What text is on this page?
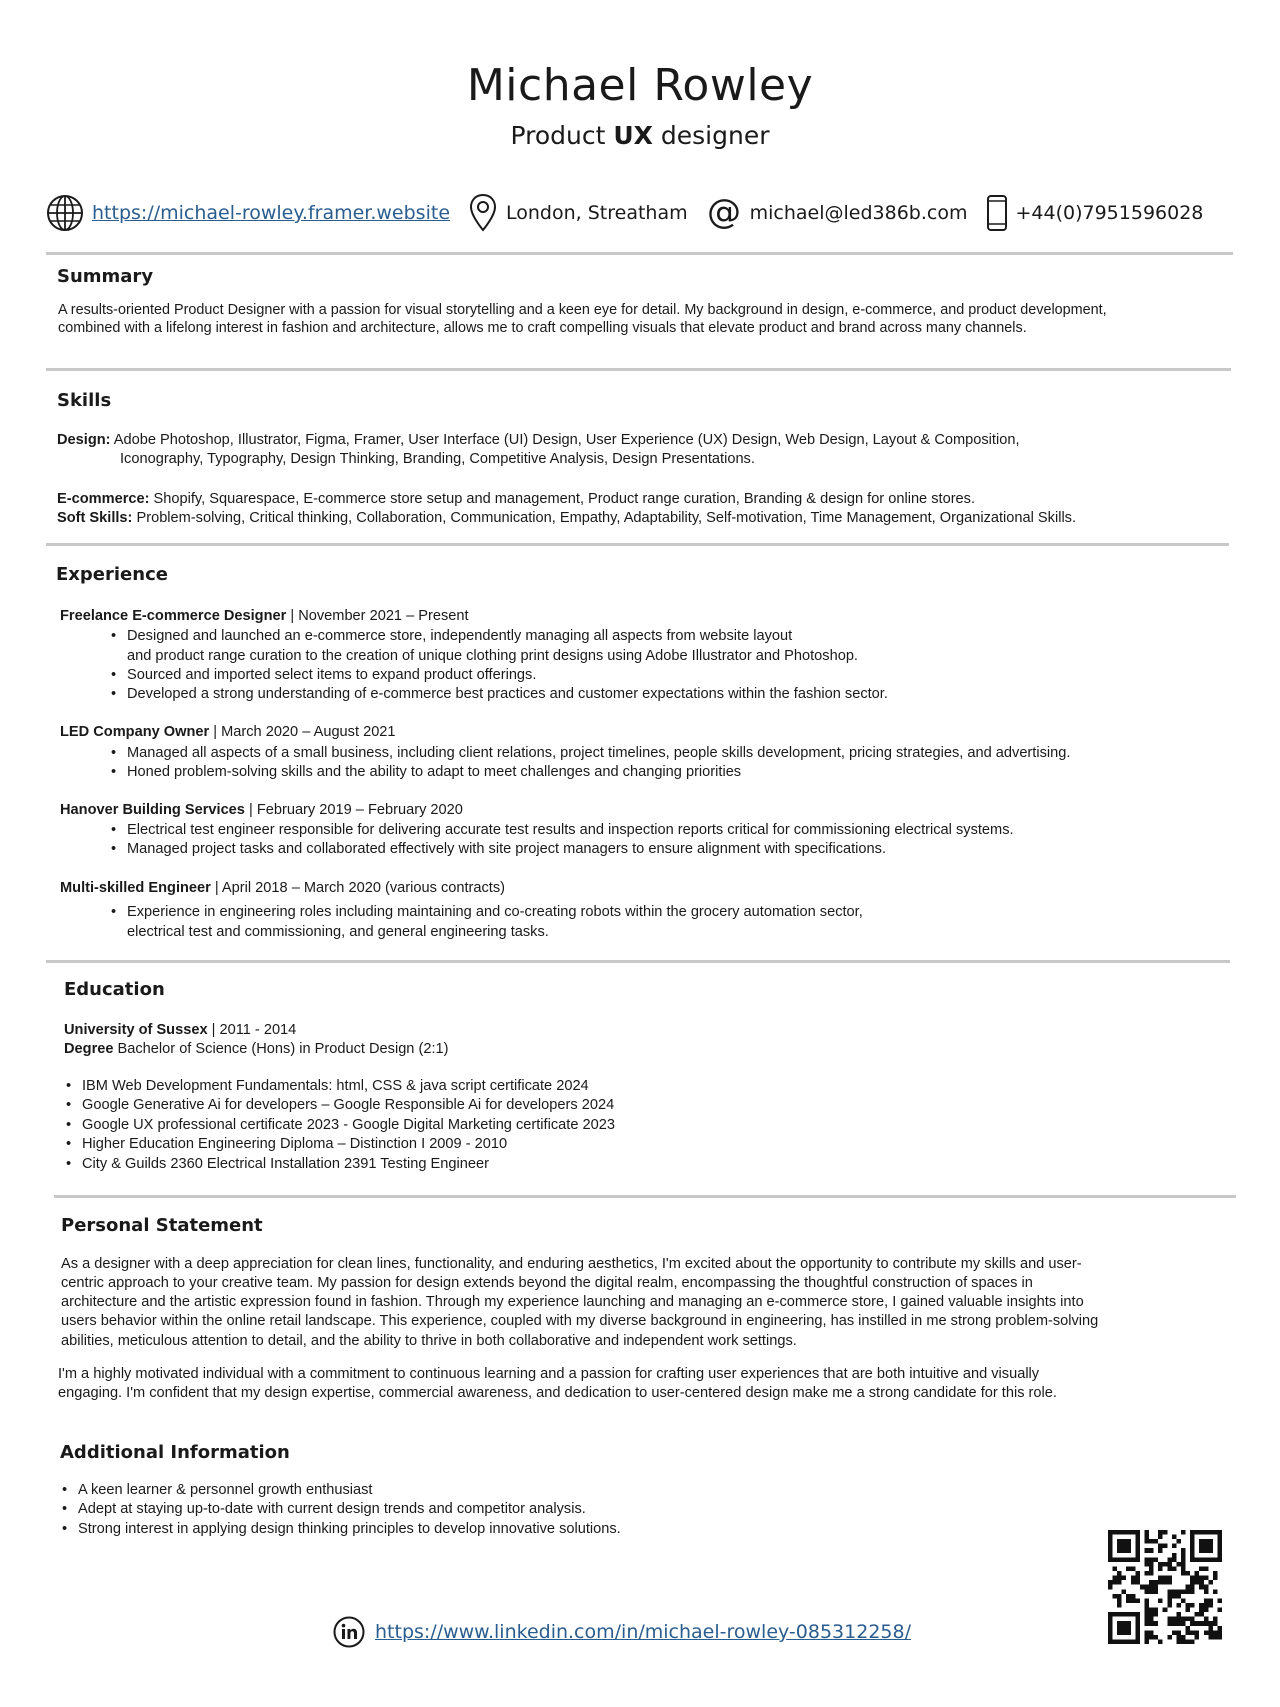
Michael Rowley
Product UX designer
https://michael-rowley.framer.website	London, Streatham @ michael@led386b.com	+44(0)7951596028
Summary
A results-oriented Product Designer with a passion for visual storytelling and a keen eye for detail. My background in design, e-commerce, and product development,
combined with a lifelong interest in fashion and architecture, allows me to craft compelling visuals that elevate product and brand across many channels.
Skills
Design: Adobe Photoshop, Illustrator, Figma, Framer, User Interface (UI) Design, User Experience (UX) Design, Web Design, Layout & Composition,
Iconography, Typography, Design Thinking, Branding, Competitive Analysis, Design Presentations.
E-commerce: Shopify, Squarespace, E-commerce store setup and management, Product range curation, Branding & design for online stores.
Soft Skills: Problem-solving, Critical thinking, Collaboration, Communication, Empathy, Adaptability, Self-motivation, Time Management, Organizational Skills.
Experience
Freelance E-commerce Designer | November 2021 – Present
• Designed and launched an e-commerce store, independently managing all aspects from website layout
and product range curation to the creation of unique clothing print designs using Adobe Illustrator and Photoshop.
• Sourced and imported select items to expand product offerings.
• Developed a strong understanding of e-commerce best practices and customer expectations within the fashion sector.
LED Company Owner | March 2020 – August 2021
• Managed all aspects of a small business, including client relations, project timelines, people skills development, pricing strategies, and advertising.
• Honed problem-solving skills and the ability to adapt to meet challenges and changing priorities
Hanover Building Services | February 2019 – February 2020
• Electrical test engineer responsible for delivering accurate test results and inspection reports critical for commissioning electrical systems.
• Managed project tasks and collaborated effectively with site project managers to ensure alignment with specifications.
Multi-skilled Engineer | April 2018 – March 2020 (various contracts)
• Experience in engineering roles including maintaining and co-creating robots within the grocery automation sector,
electrical test and commissioning, and general engineering tasks.
Education
University of Sussex | 2011 - 2014
Degree Bachelor of Science (Hons) in Product Design (2:1)
• IBM Web Development Fundamentals: html, CSS & java script certificate 2024
• Google Generative Ai for developers – Google Responsible Ai for developers 2024
• Google UX professional certificate 2023 - Google Digital Marketing certificate 2023
• Higher Education Engineering Diploma – Distinction I 2009 - 2010
• City & Guilds 2360 Electrical Installation 2391 Testing Engineer
Personal Statement
As a designer with a deep appreciation for clean lines, functionality, and enduring aesthetics, I'm excited about the opportunity to contribute my skills and user-
centric approach to your creative team. My passion for design extends beyond the digital realm, encompassing the thoughtful construction of spaces in
architecture and the artistic expression found in fashion. Through my experience launching and managing an e-commerce store, I gained valuable insights into
users behavior within the online retail landscape. This experience, coupled with my diverse background in engineering, has instilled in me strong problem-solving
abilities, meticulous attention to detail, and the ability to thrive in both collaborative and independent work settings.
I'm a highly motivated individual with a commitment to continuous learning and a passion for crafting user experiences that are both intuitive and visually
engaging. I'm confident that my design expertise, commercial awareness, and dedication to user-centered design make me a strong candidate for this role.
Additional Information
• A keen learner & personnel growth enthusiast
• Adept at staying up-to-date with current design trends and competitor analysis.
• Strong interest in applying design thinking principles to develop innovative solutions.
https://www.linkedin.com/in/michael-rowley-085312258/
